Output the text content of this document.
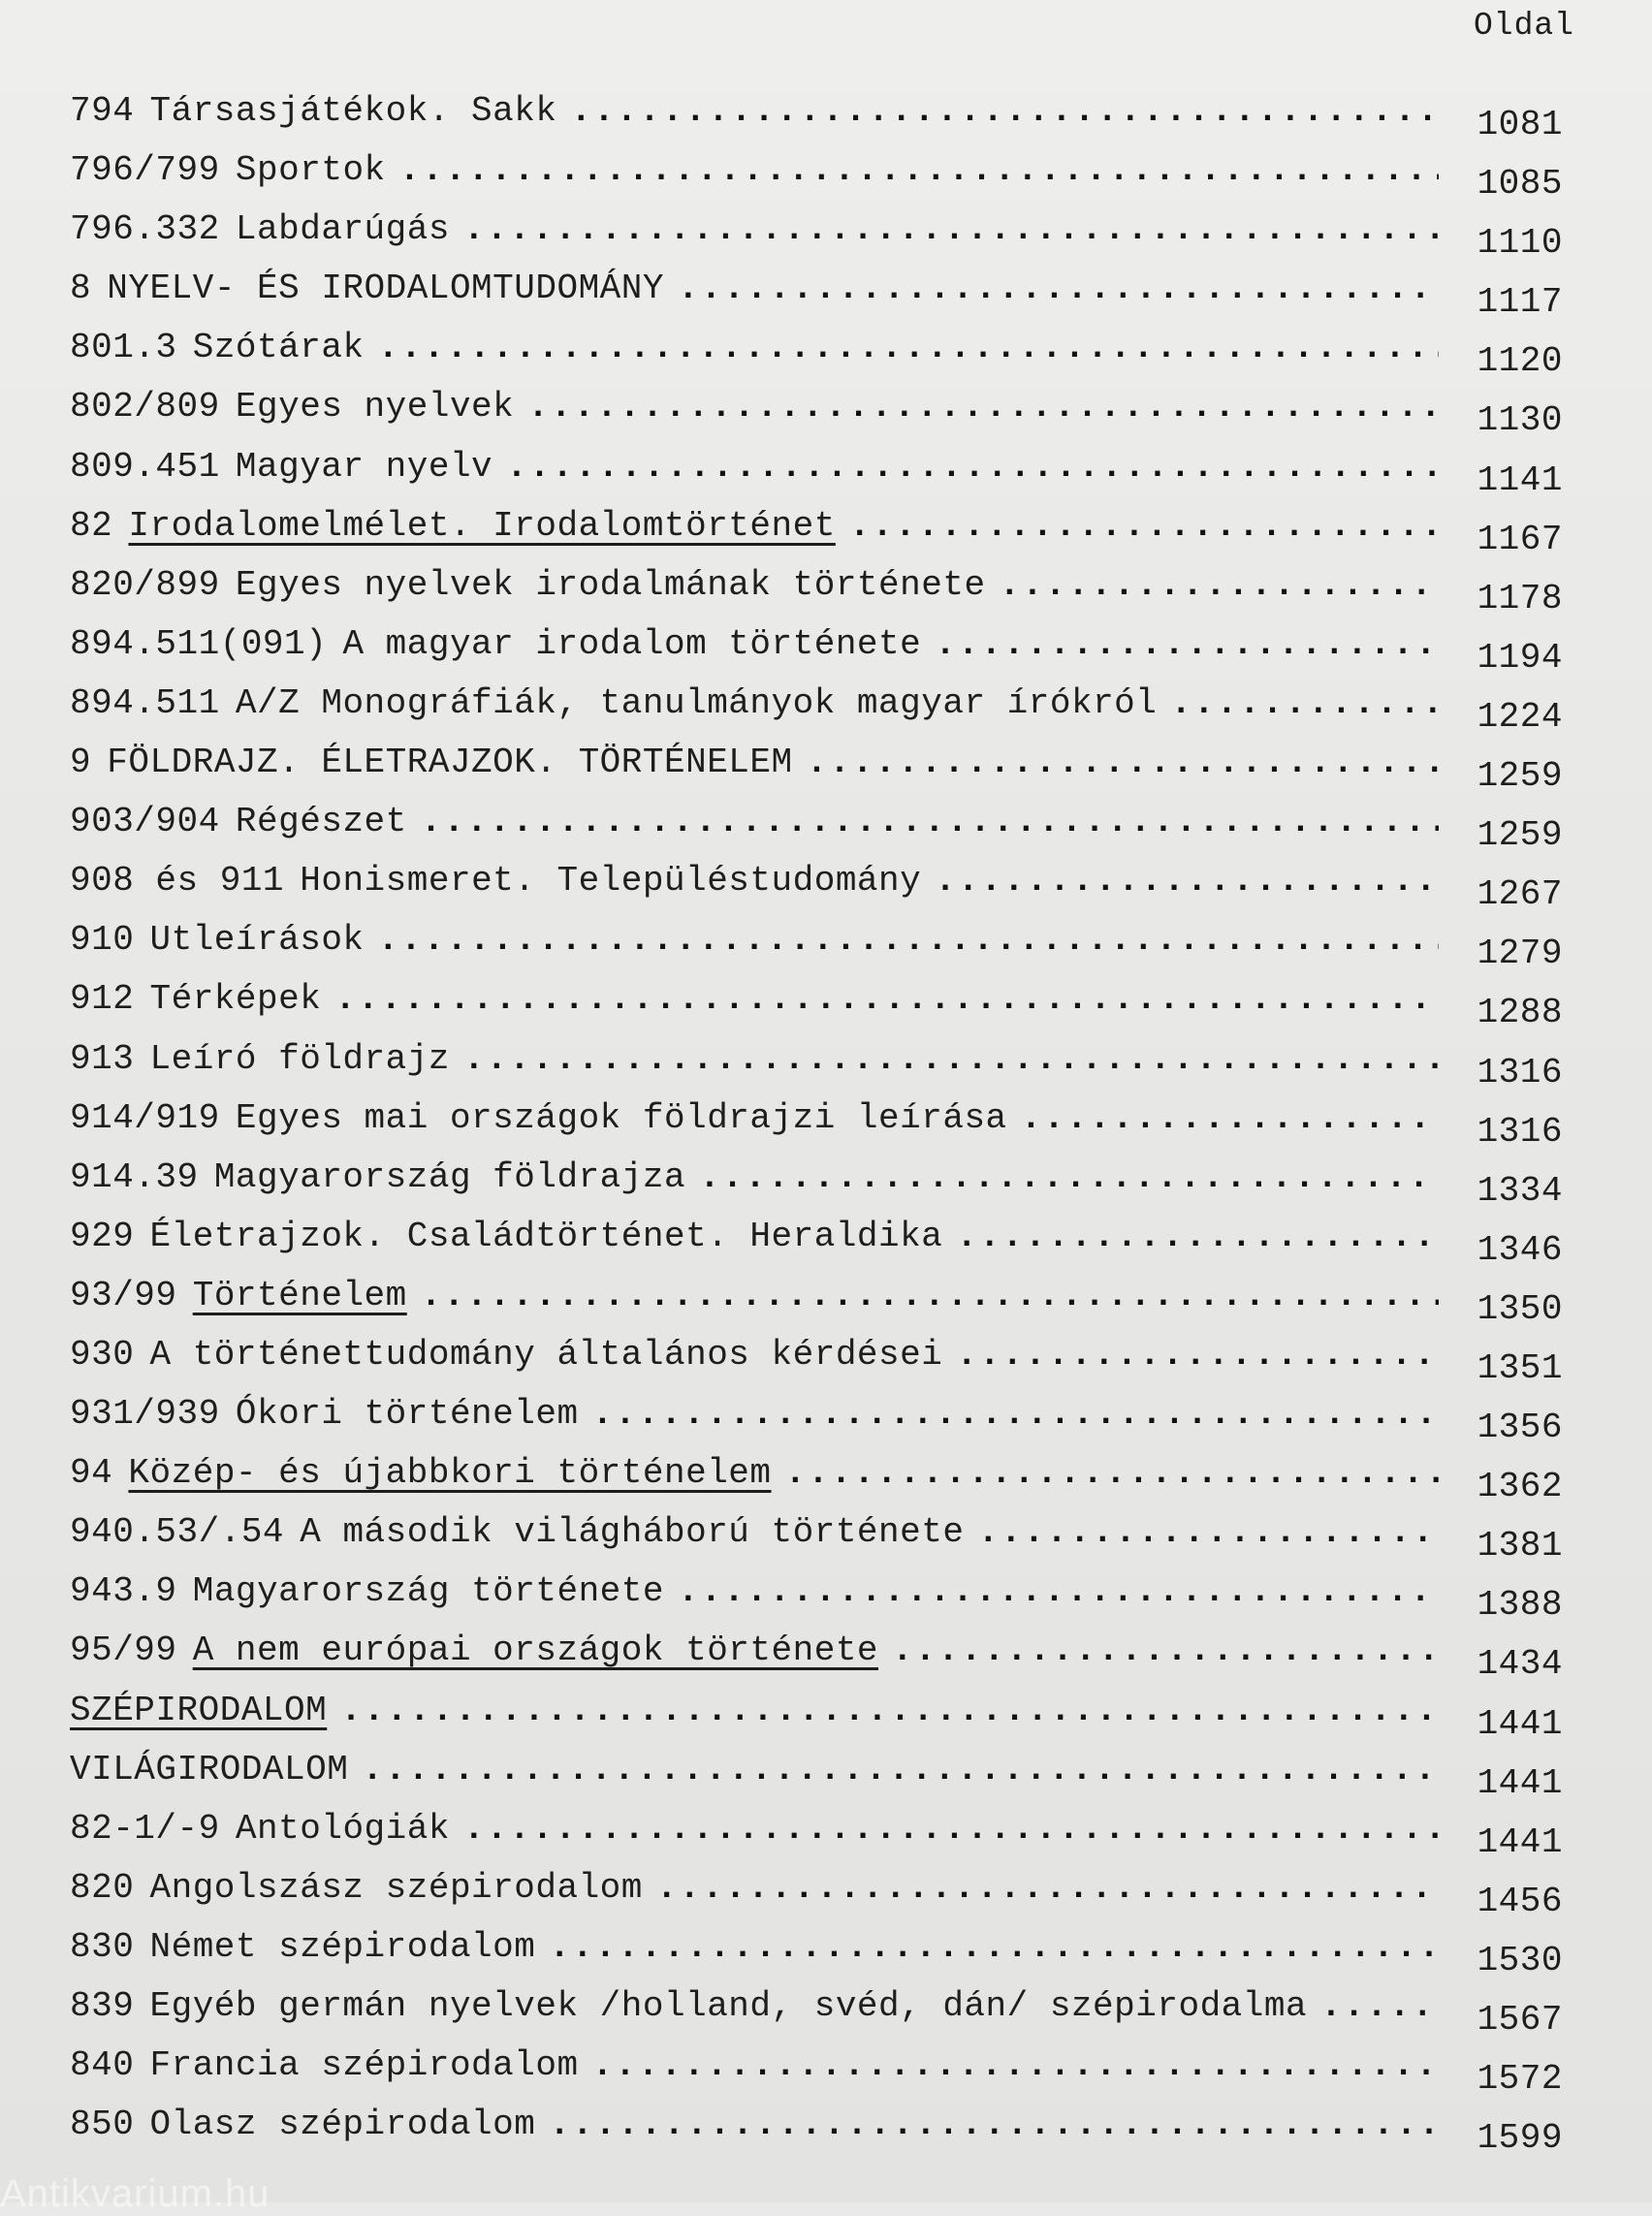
Oldal
794 Társasjátékok. Sakk .....	1081
796/799 Sportok .....	1085
796.332 Labdarúgás .....	1110
8 NYELV- ÉS IRODALOMTUDOMÁNY .....	1117
801.3 Szótárak .....	1120
802/809 Egyes nyelvek .....	1130
809.451 Magyar nyelv .....	1141
82 Irodalomelmélet. Irodalomtörténet .....	1167
820/899 Egyes nyelvek irodalmának története .....	1178
894.511(091) A magyar irodalom története .....	1194
894.511 A/Z Monográfiák, tanulmányok magyar írókról .....	1224
9 FÖLDRAJZ. ÉLETRAJZOK. TÖRTÉNELEM .....	1259
903/904 Régészet .....	1259
908 és 911 Honismeret. Településtudomány .....	1267
910 Utleírások .....	1279
912 Térképek .....	1288
913 Leíró földrajz .....	1316
914/919 Egyes mai országok földrajzi leírása .....	1316
914.39 Magyarország földrajza .....	1334
929 Életrajzok. Családtörténet. Heraldika .....	1346
93/99 Történelem .....	1350
930 A történettudomány általános kérdései .....	1351
931/939 Ókori történelem .....	1356
94 Közép- és újabbkori történelem .....	1362
940.53/.54 A második világháború története .....	1381
943.9 Magyarország története .....	1388
95/99 A nem európai országok története .....	1434
SZÉPIRODALOM .....	1441
VILÁGIRODALOM .....	1441
82-1/-9 Antológiák .....	1441
820 Angolszász szépirodalom .....	1456
830 Német szépirodalom .....	1530
839 Egyéb germán nyelvek /holland, svéd, dán/ szépirodalma .....	1567
840 Francia szépirodalom .....	1572
850 Olasz szépirodalom .....	1599
Antikvarium.hu
